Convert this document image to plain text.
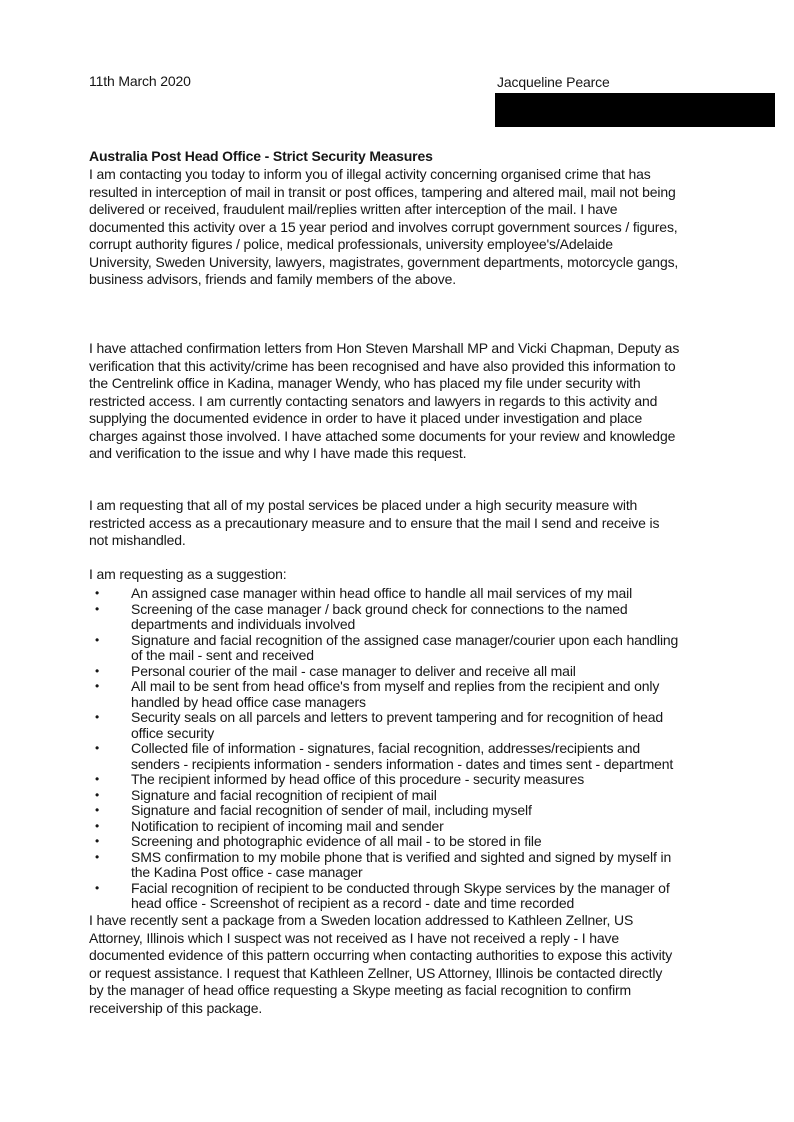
11th March 2020	Jacqueline Pearce
Australia Post Head Office - Strict Security Measures
I am contacting you today to inform you of illegal activity concerning organised crime that has
resulted in interception of mail in transit or post offices, tampering and altered mail, mail not being
delivered or received, fraudulent mail/replies written after interception of the mail. I have
documented this activity over a 15 year period and involves corrupt government sources / figures,
corrupt authority figures / police, medical professionals, university employee's/Adelaide
University, Sweden University, lawyers, magistrates, government departments, motorcycle gangs,
business advisors, friends and family members of the above.
I have attached confirmation letters from Hon Steven Marshall MP and Vicki Chapman, Deputy as
verification that this activity/crime has been recognised and have also provided this information to
the Centrelink office in Kadina, manager Wendy, who has placed my file under security with
restricted access. I am currently contacting senators and lawyers in regards to this activity and
supplying the documented evidence in order to have it placed under investigation and place
charges against those involved. I have attached some documents for your review and knowledge
and verification to the issue and why I have made this request.
I am requesting that all of my postal services be placed under a high security measure with
restricted access as a precautionary measure and to ensure that the mail I send and receive is
not mishandled.
I am requesting as a suggestion:
• An assigned case manager within head office to handle all mail services of my mail
• Screening of the case manager / back ground check for connections to the named
departments and individuals involved
• Signature and facial recognition of the assigned case manager/courier upon each handling
of the mail - sent and received
• Personal courier of the mail - case manager to deliver and receive all mail
• All mail to be sent from head office's from myself and replies from the recipient and only
handled by head office case managers
• Security seals on all parcels and letters to prevent tampering and for recognition of head
office security
• Collected file of information - signatures, facial recognition, addresses/recipients and
senders - recipients information - senders information - dates and times sent - department
• The recipient informed by head office of this procedure - security measures
• Signature and facial recognition of recipient of mail
• Signature and facial recognition of sender of mail, including myself
• Notification to recipient of incoming mail and sender
• Screening and photographic evidence of all mail - to be stored in file
• SMS confirmation to my mobile phone that is verified and sighted and signed by myself in
the Kadina Post office - case manager
• Facial recognition of recipient to be conducted through Skype services by the manager of
head office - Screenshot of recipient as a record - date and time recorded
I have recently sent a package from a Sweden location addressed to Kathleen Zellner, US
Attorney, Illinois which I suspect was not received as I have not received a reply - I have
documented evidence of this pattern occurring when contacting authorities to expose this activity
or request assistance. I request that Kathleen Zellner, US Attorney, Illinois be contacted directly
by the manager of head office requesting a Skype meeting as facial recognition to confirm
receivership of this package.
